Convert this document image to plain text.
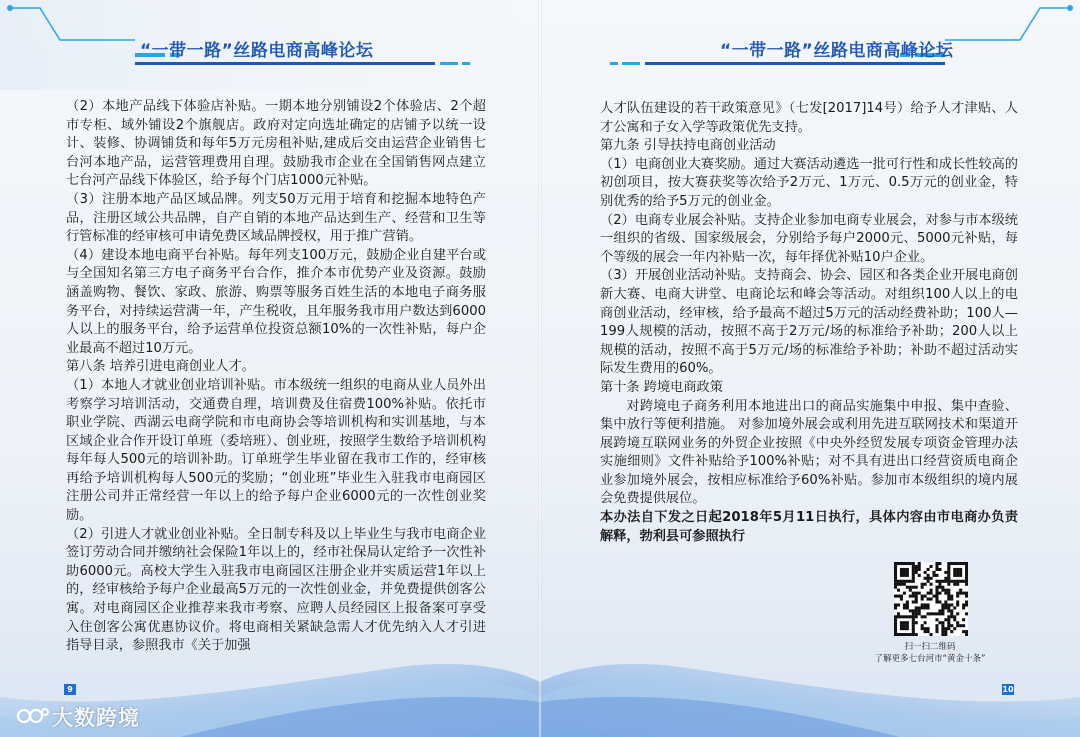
“一带一路”丝路电商高峰论坛

（2）本地产品线下体验店补贴。一期本地分别铺设2个体验店、2个超市专柜、域外铺设2个旗舰店。政府对定向选址确定的店铺予以统一设计、装修、协调铺货和每年5万元房租补贴,建成后交由运营企业销售七台河本地产品，运营管理费用自理。鼓励我市企业在全国销售网点建立七台河产品线下体验区，给予每个门店1000元补贴。

（3）注册本地产品区域品牌。列支50万元用于培育和挖掘本地特色产品，注册区域公共品牌，自产自销的本地产品达到生产、经营和卫生等行管标准的经审核可申请免费区域品牌授权，用于推广营销。

（4）建设本地电商平台补贴。每年列支100万元，鼓励企业自建平台或与全国知名第三方电子商务平台合作，推介本市优势产业及资源。鼓励涵盖购物、餐饮、家政、旅游、购票等服务百姓生活的本地电子商务服务平台，对持续运营满一年，产生税收，且年服务我市用户数达到6000人以上的服务平台，给予运营单位投资总额10%的一次性补贴，每户企业最高不超过10万元。

第八条 培养引进电商创业人才。

（1）本地人才就业创业培训补贴。市本级统一组织的电商从业人员外出考察学习培训活动，交通费自理，培训费及住宿费100%补贴。依托市职业学院、西湖云电商学院和市电商协会等培训机构和实训基地，与本区域企业合作开设订单班（委培班）、创业班，按照学生数给予培训机构每年每人500元的培训补助。订单班学生毕业留在我市工作的，经审核再给予培训机构每人500元的奖励；“创业班”毕业生入驻我市电商园区注册公司并正常经营一年以上的给予每户企业6000元的一次性创业奖励。

（2）引进人才就业创业补贴。全日制专科及以上毕业生与我市电商企业签订劳动合同并缴纳社会保险1年以上的，经市社保局认定给予一次性补助6000元。高校大学生入驻我市电商园区注册企业并实质运营1年以上的，经审核给予每户企业最高5万元的一次性创业金，并免费提供创客公寓。对电商园区企业推荐来我市考察、应聘人员经园区上报备案可享受入住创客公寓优惠协议价。将电商相关紧缺急需人才优先纳入人才引进指导目录，参照我市《关于加强

9
“一带一路”丝路电商高峰论坛

人才队伍建设的若干政策意见》（七发[2017]14号）给予人才津贴、人才公寓和子女入学等政策优先支持。

第九条 引导扶持电商创业活动

（1）电商创业大赛奖励。通过大赛活动遴选一批可行性和成长性较高的初创项目，按大赛获奖等次给予2万元、1万元、0.5万元的创业金，特别优秀的给予5万元的创业金。

（2）电商专业展会补贴。支持企业参加电商专业展会，对参与市本级统一组织的省级、国家级展会，分别给予每户2000元、5000元补贴，每个等级的展会一年内补贴一次，每年择优补贴10户企业。

（3）开展创业活动补贴。支持商会、协会、园区和各类企业开展电商创新大赛、电商大讲堂、电商论坛和峰会等活动。对组织100人以上的电商创业活动，经审核，给予最高不超过5万元的活动经费补助；100人—199人规模的活动，按照不高于2万元/场的标准给予补助；200人以上规模的活动，按照不高于5万元/场的标准给予补助；补助不超过活动实际发生费用的60%。

第十条 跨境电商政策

对跨境电子商务利用本地进出口的商品实施集中申报、集中查验、集中放行等便利措施。 对参加境外展会或利用先进互联网技术和渠道开展跨境互联网业务的外贸企业按照《中央外经贸发展专项资金管理办法实施细则》文件补贴给予100%补贴；对不具有进出口经营资质电商企业参加境外展会，按相应标准给予60%补贴。参加市本级组织的境内展会免费提供展位。

本办法自下发之日起2018年5月11日执行，具体内容由市电商办负责解释，勃利县可参照执行

扫一扫二维码
了解更多七台河市“黄金十条”
10
大数跨境
